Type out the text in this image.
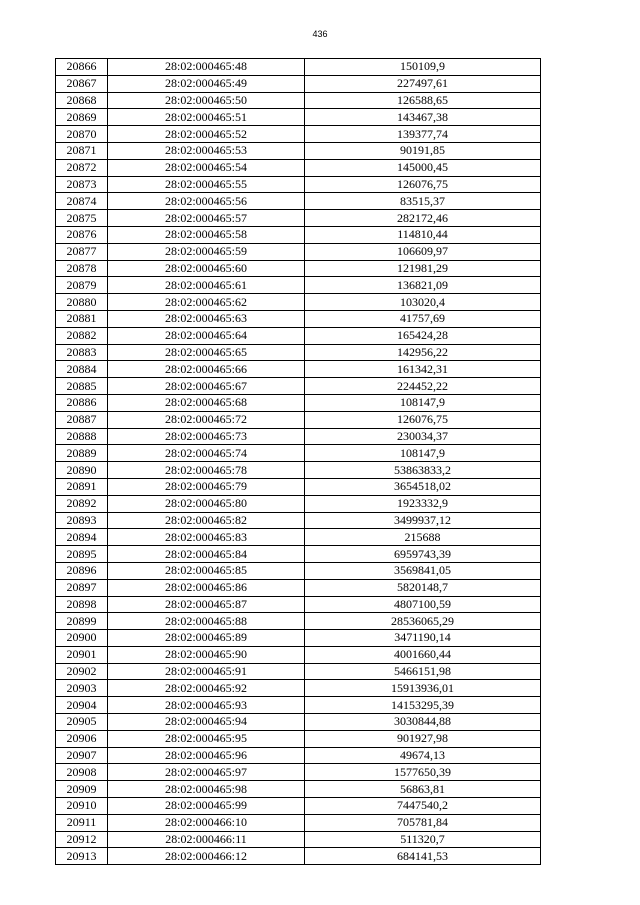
436
20866	28:02:000465:48	150109,9
20867	28:02:000465:49	227497,61
20868	28:02:000465:50	126588,65
20869	28:02:000465:51	143467,38
20870	28:02:000465:52	139377,74
20871	28:02:000465:53	90191,85
20872	28:02:000465:54	145000,45
20873	28:02:000465:55	126076,75
20874	28:02:000465:56	83515,37
20875	28:02:000465:57	282172,46
20876	28:02:000465:58	114810,44
20877	28:02:000465:59	106609,97
20878	28:02:000465:60	121981,29
20879	28:02:000465:61	136821,09
20880	28:02:000465:62	103020,4
20881	28:02:000465:63	41757,69
20882	28:02:000465:64	165424,28
20883	28:02:000465:65	142956,22
20884	28:02:000465:66	161342,31
20885	28:02:000465:67	224452,22
20886	28:02:000465:68	108147,9
20887	28:02:000465:72	126076,75
20888	28:02:000465:73	230034,37
20889	28:02:000465:74	108147,9
20890	28:02:000465:78	53863833,2
20891	28:02:000465:79	3654518,02
20892	28:02:000465:80	1923332,9
20893	28:02:000465:82	3499937,12
20894	28:02:000465:83	215688
20895	28:02:000465:84	6959743,39
20896	28:02:000465:85	3569841,05
20897	28:02:000465:86	5820148,7
20898	28:02:000465:87	4807100,59
20899	28:02:000465:88	28536065,29
20900	28:02:000465:89	3471190,14
20901	28:02:000465:90	4001660,44
20902	28:02:000465:91	5466151,98
20903	28:02:000465:92	15913936,01
20904	28:02:000465:93	14153295,39
20905	28:02:000465:94	3030844,88
20906	28:02:000465:95	901927,98
20907	28:02:000465:96	49674,13
20908	28:02:000465:97	1577650,39
20909	28:02:000465:98	56863,81
20910	28:02:000465:99	7447540,2
20911	28:02:000466:10	705781,84
20912	28:02:000466:11	511320,7
20913	28:02:000466:12	684141,53
